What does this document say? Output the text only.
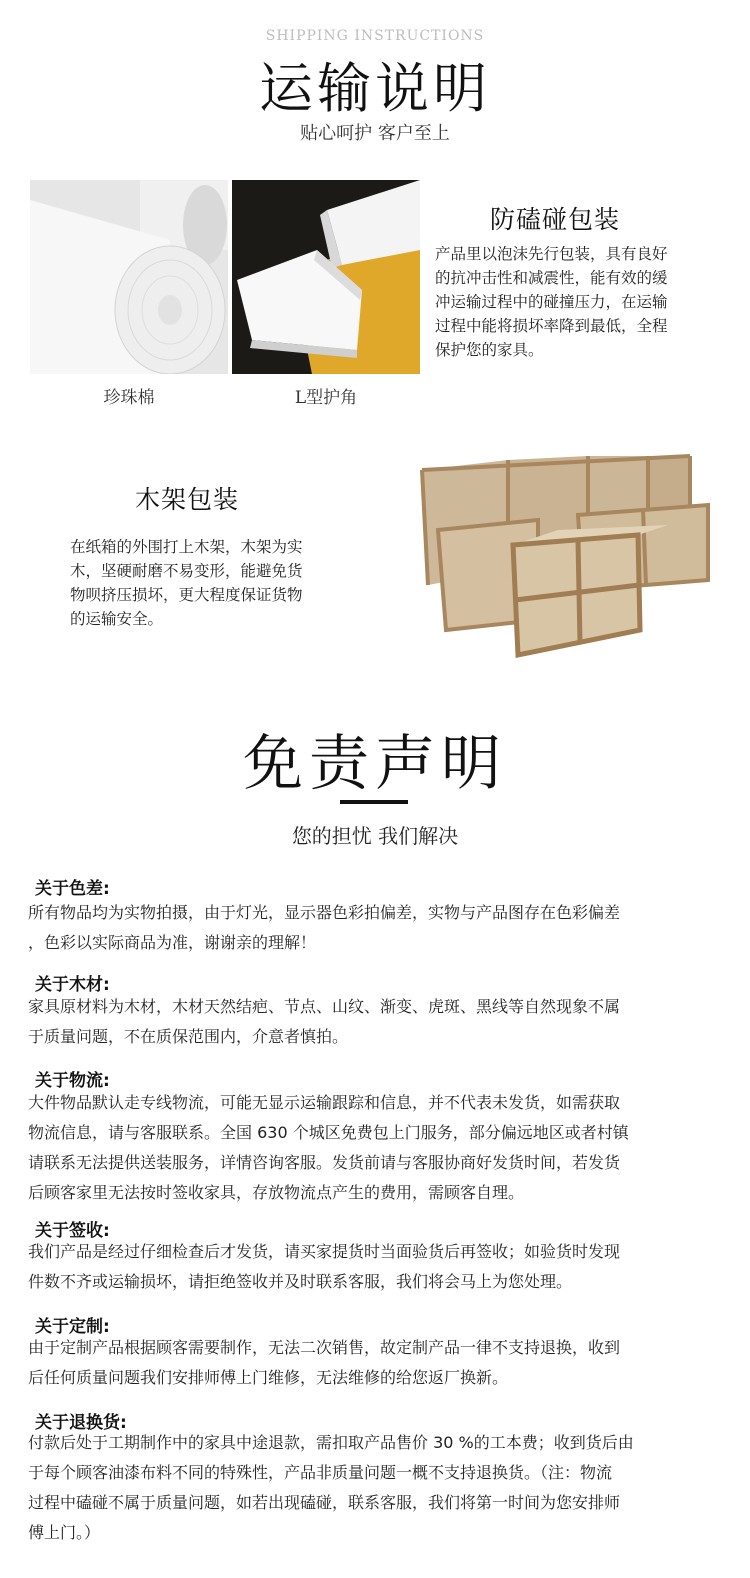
SHIPPING INSTRUCTIONS
运输说明
贴心呵护 客户至上
珍珠棉	L型护角
防磕碰包装
产品里以泡沫先行包装，具有良好
的抗冲击性和减震性，能有效的缓
冲运输过程中的碰撞压力，在运输
过程中能将损坏率降到最低，全程
保护您的家具。
木架包装
在纸箱的外围打上木架，木架为实
木，坚硬耐磨不易变形，能避免货
物呗挤压损坏，更大程度保证货物
的运输安全。
免责声明
您的担忧 我们解决
关于色差:
所有物品均为实物拍摄，由于灯光，显示器色彩拍偏差，实物与产品图存在色彩偏差
，色彩以实际商品为准，谢谢亲的理解！
关于木材:
家具原材料为木材，木材天然结疤、节点、山纹、渐变、虎斑、黑线等自然现象不属
于质量问题，不在质保范围内，介意者慎拍。
关于物流:
大件物品默认走专线物流，可能无显示运输跟踪和信息，并不代表未发货，如需获取
物流信息，请与客服联系。全国 630 个城区免费包上门服务，部分偏远地区或者村镇
请联系无法提供送装服务，详情咨询客服。发货前请与客服协商好发货时间，若发货
后顾客家里无法按时签收家具，存放物流点产生的费用，需顾客自理。
关于签收:
我们产品是经过仔细检查后才发货，请买家提货时当面验货后再签收；如验货时发现
件数不齐或运输损坏，请拒绝签收并及时联系客服，我们将会马上为您处理。
关于定制:
由于定制产品根据顾客需要制作，无法二次销售，故定制产品一律不支持退换，收到
后任何质量问题我们安排师傅上门维修，无法维修的给您返厂换新。
关于退换货:
付款后处于工期制作中的家具中途退款，需扣取产品售价 30 %的工本费；收到货后由
于每个顾客油漆布料不同的特殊性，产品非质量问题一概不支持退换货。（注：物流
过程中磕碰不属于质量问题，如若出现磕碰，联系客服，我们将第一时间为您安排师
傅上门。）
